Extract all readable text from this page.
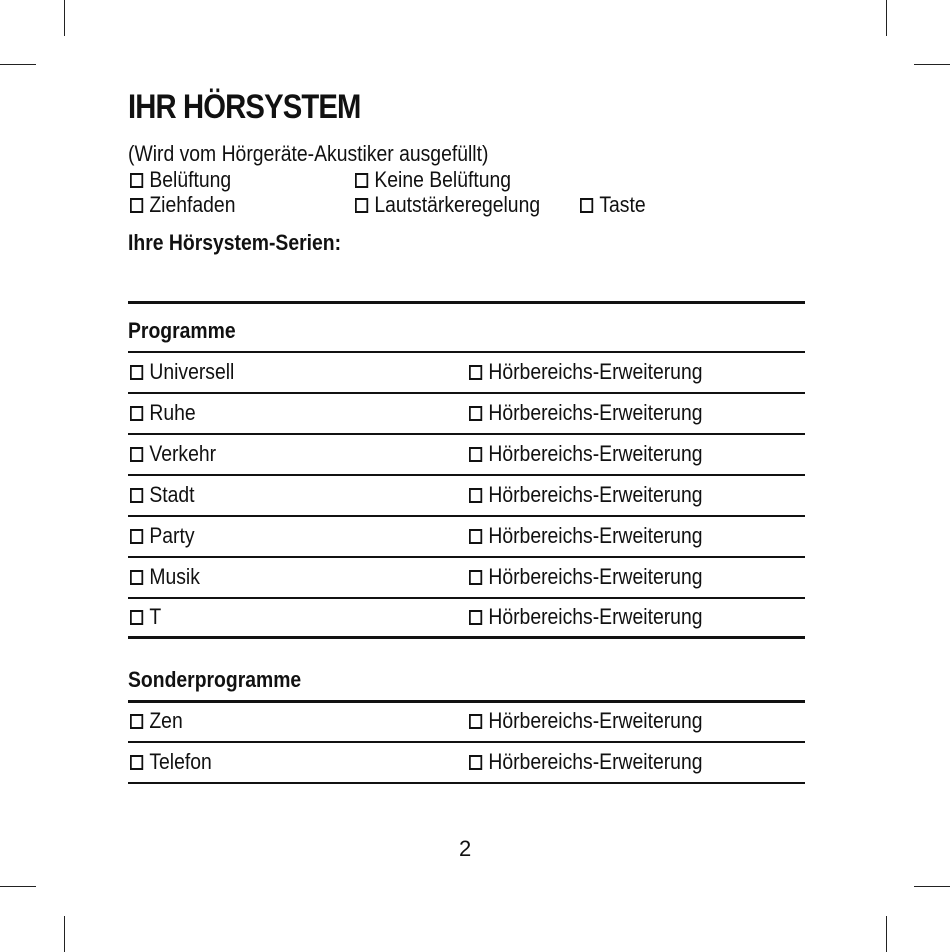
IHR HÖRSYSTEM
(Wird vom Hörgeräte-Akustiker ausgefüllt)
Belüftung	Keine Belüftung
Ziehfaden	Lautstärkeregelung	Taste
Ihre Hörsystem-Serien:
Programme
Universell	Hörbereichs-Erweiterung
Ruhe	Hörbereichs-Erweiterung
Verkehr	Hörbereichs-Erweiterung
Stadt	Hörbereichs-Erweiterung
Party	Hörbereichs-Erweiterung
Musik	Hörbereichs-Erweiterung
T	Hörbereichs-Erweiterung
Sonderprogramme
Zen	Hörbereichs-Erweiterung
Telefon	Hörbereichs-Erweiterung
2
